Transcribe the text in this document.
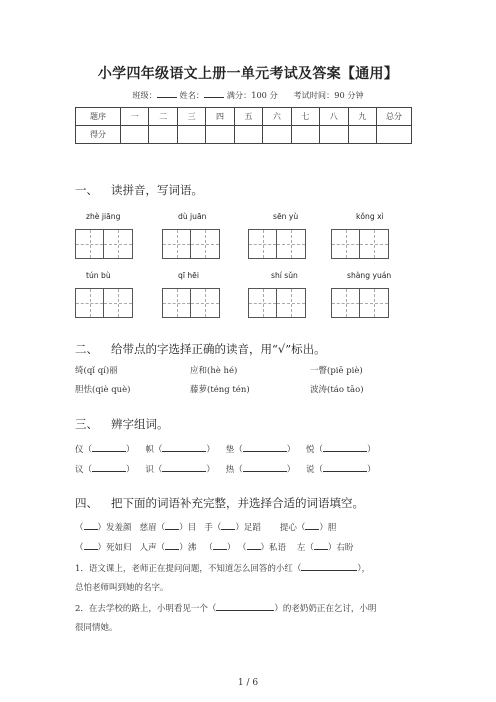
小学四年级语文上册一单元考试及答案【通用】
班级：	姓名：	满分：100 分 考试时间：90 分钟
题序	一	二	三	四	五	六	七	八	九	总分
得分										
一、 读拼音，写词语。
zhè jiāng	dù juān	sēn yù	kǒng xì
tún bù	qī hēi	shí sǔn	shàng yuán
二、 给带点的字选择正确的读音，用“√”标出。
绮(qǐ qí)丽	应和(hè hé)	一瞥(piē piè)
胆怯(qiè què)	藤萝(téng tén)	波涛(táo tāo)
三、 辨字组词。
仪（	）    帜（	）    垫（	）    悦（	）
议（	）    识（	）    热（	）    说（	）
四、 把下面的词语补充完整，并选择合适的词语填空。
（ ）发羞颜 慈眉（ ）目 手（ ）足蹈 提心（ ）胆
（ ）死如归 人声（ ）沸   （ ） （ ）私语 左（ ）右盼
1．语文课上，老师正在提问问题，不知道怎么回答的小红（	），
总怕老师叫到她的名字。
2．在去学校的路上，小明看见一个（	）的老奶奶正在乞讨，小明
很同情她。
1 / 6
